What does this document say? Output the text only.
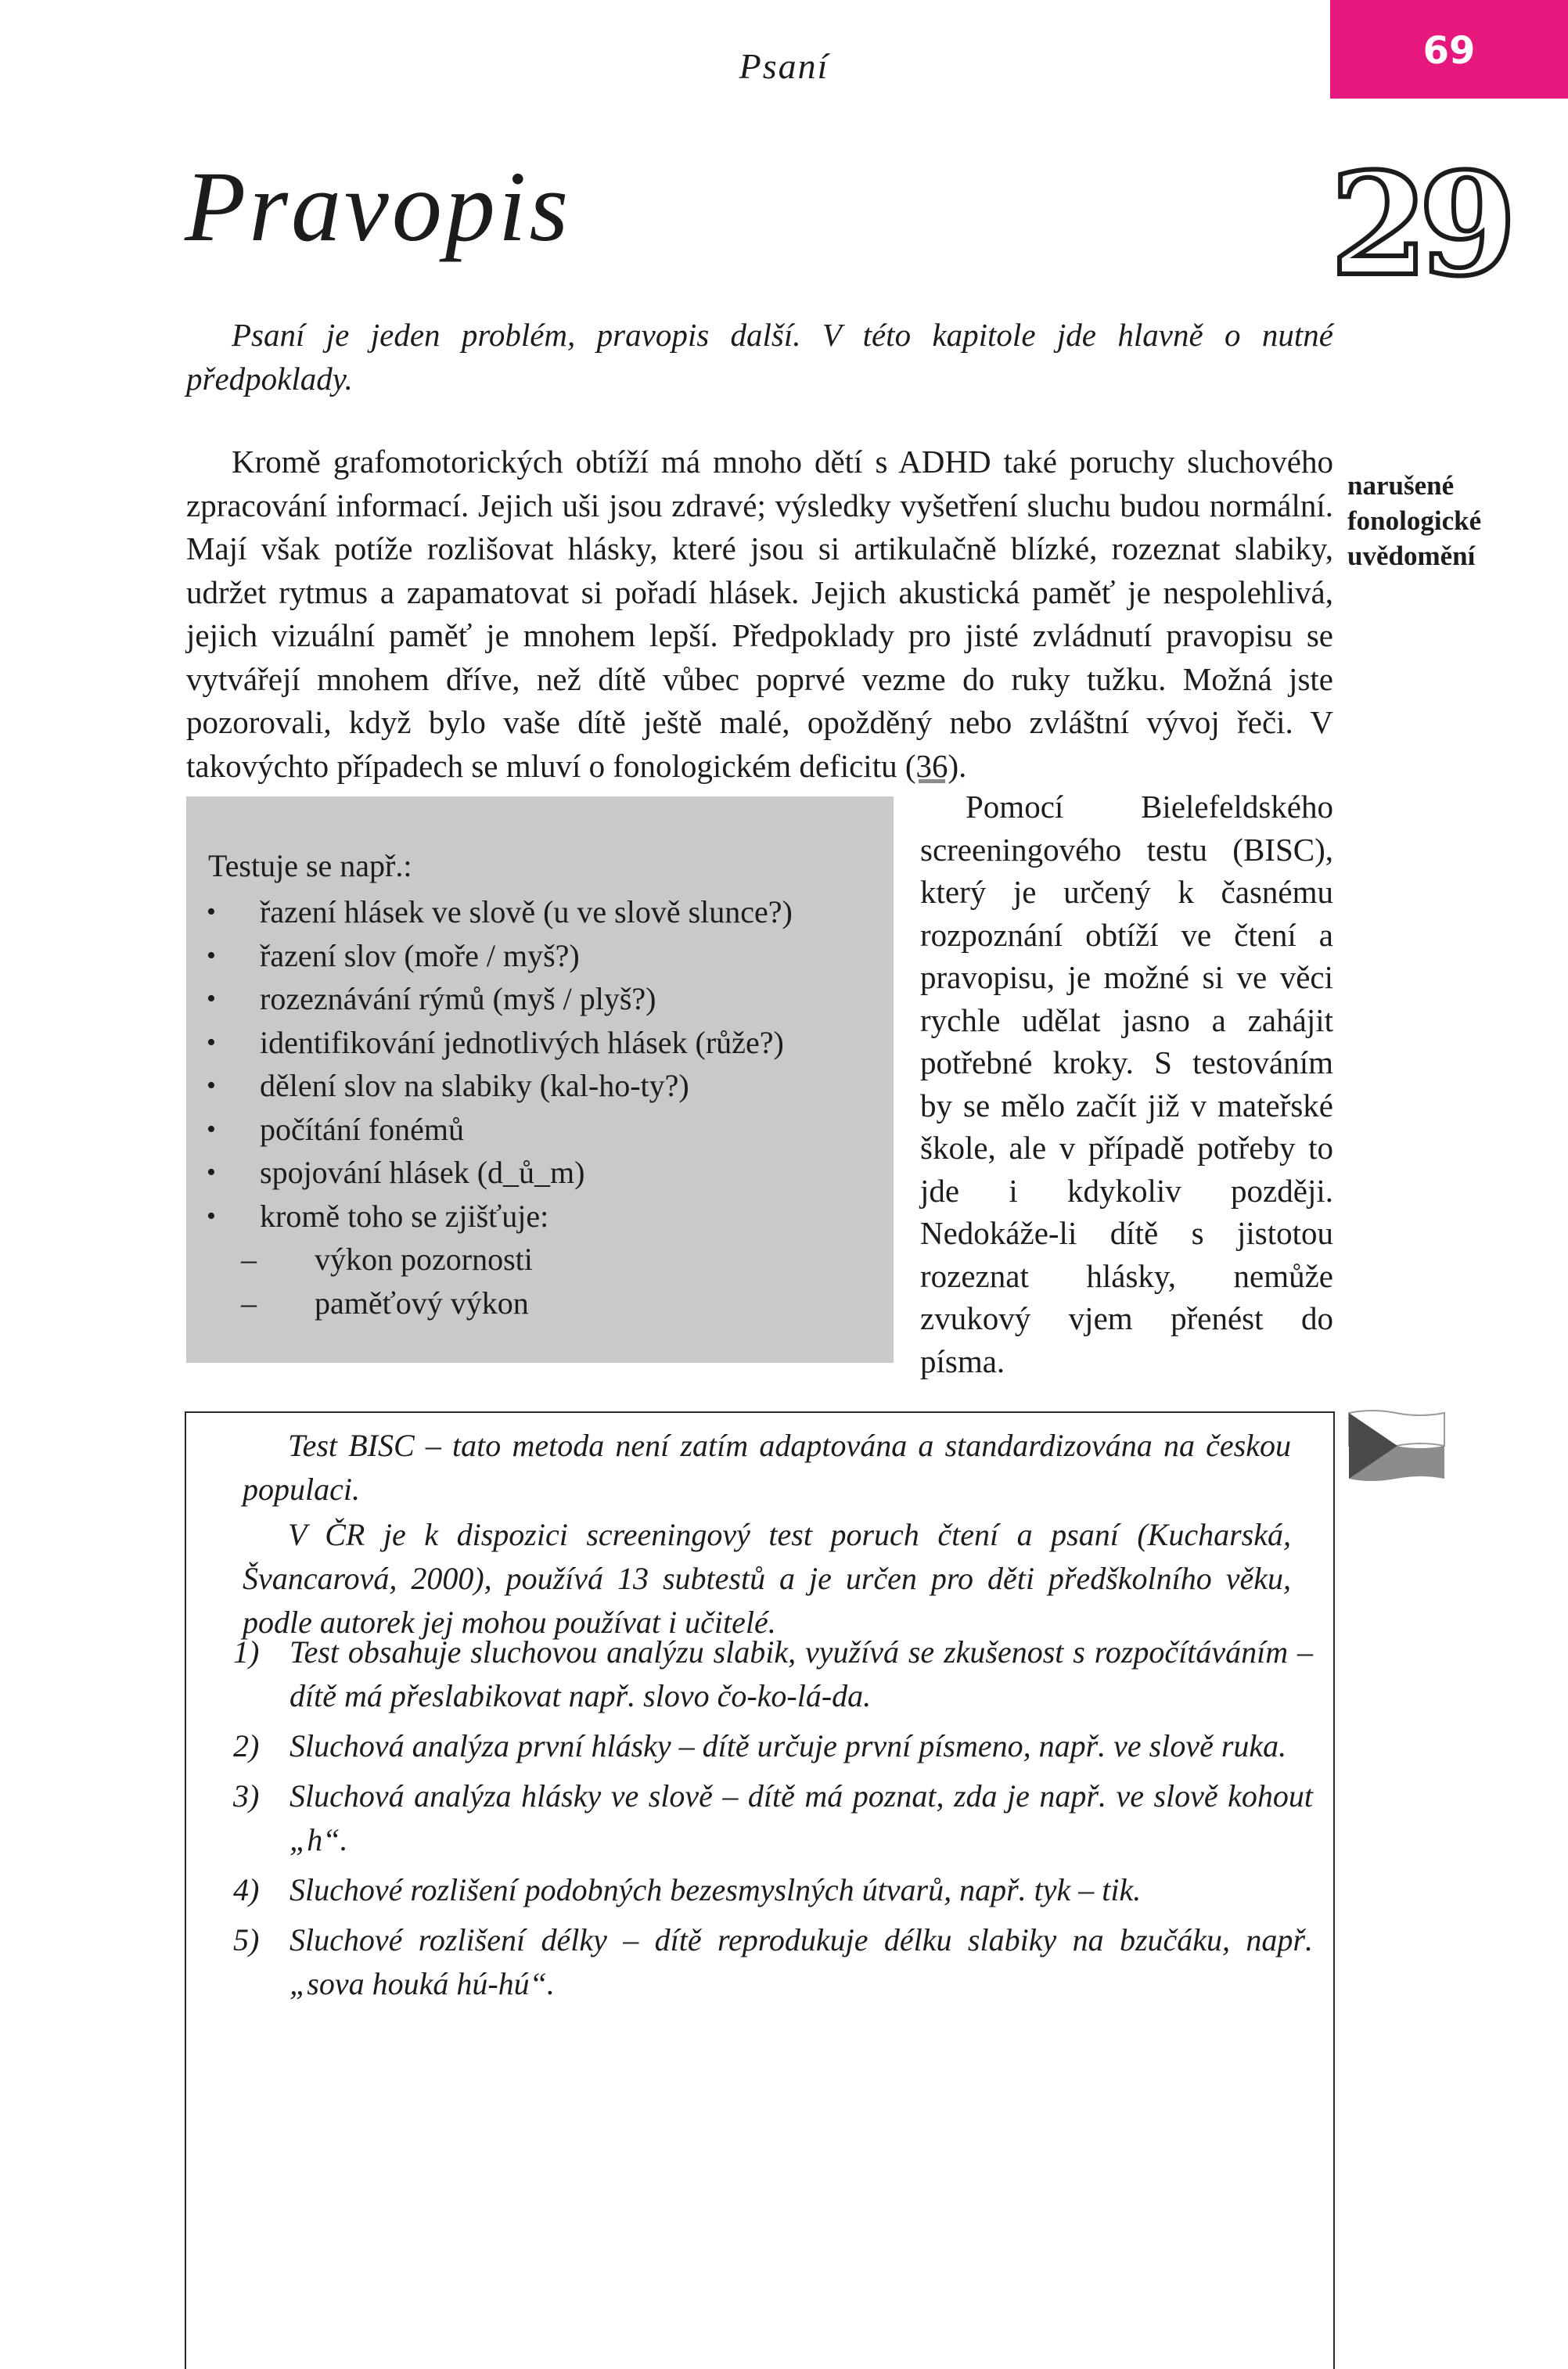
Psaní	69
Pravopis	29

Psaní je jeden problém, pravopis další. V této kapitole jde hlavně o nutné předpoklady.

Kromě grafomotorických obtíží má mnoho dětí s ADHD také poruchy sluchového zpracování informací. Jejich uši jsou zdravé; výsledky vyšetření sluchu budou normální. Mají však potíže rozlišovat hlásky, které jsou si artikulačně blízké, rozeznat slabiky, udržet rytmus a zapamatovat si pořadí hlásek. Jejich akustická paměť je nespolehlivá, jejich vizuální paměť je mnohem lepší. Předpoklady pro jisté zvládnutí pravopisu se vytvářejí mnohem dříve, než dítě vůbec poprvé vezme do ruky tužku. Možná jste pozorovali, když bylo vaše dítě ještě malé, opožděný nebo zvláštní vývoj řeči. V takovýchto případech se mluví o fonologickém deficitu (36).

narušené
fonologické
uvědomění
Testuje se např.:
• řazení hlásek ve slově (u ve slově slunce?)
• řazení slov (moře / myš?)
• rozeznávání rýmů (myš / plyš?)
• identifikování jednotlivých hlásek (růže?)
• dělení slov na slabiky (kal-ho-ty?)
• počítání fonémů
• spojování hlásek (d_ů_m)
• kromě toho se zjišťuje:
– výkon pozornosti
– paměťový výkon

Pomocí Bielefeldského screeningového testu (BISC), který je určený k časnému rozpoznání obtíží ve čtení a pravopisu, je možné si ve věci rychle udělat jasno a zahájit potřebné kroky. S testováním by se mělo začít již v mateřské škole, ale v případě potřeby to jde i kdykoliv později. Nedokáže-li dítě s jistotou rozeznat hlásky, nemůže zvukový vjem přenést do písma.

Test BISC – tato metoda není zatím adaptována a standardizována na českou populaci.

V ČR je k dispozici screeningový test poruch čtení a psaní (Kucharská, Švancarová, 2000), používá 13 subtestů a je určen pro děti předškolního věku, podle autorek jej mohou používat i učitelé.

1) Test obsahuje sluchovou analýzu slabik, využívá se zkušenost s rozpočítáváním – dítě má přeslabikovat např. slovo čo-ko-lá-da.
2) Sluchová analýza první hlásky – dítě určuje první písmeno, např. ve slově ruka.
3) Sluchová analýza hlásky ve slově – dítě má poznat, zda je např. ve slově kohout „h“.
4) Sluchové rozlišení podobných bezesmyslných útvarů, např. tyk – tik.
5) Sluchové rozlišení délky – dítě reprodukuje délku slabiky na bzučáku, např. „sova houká hú-hú“.
